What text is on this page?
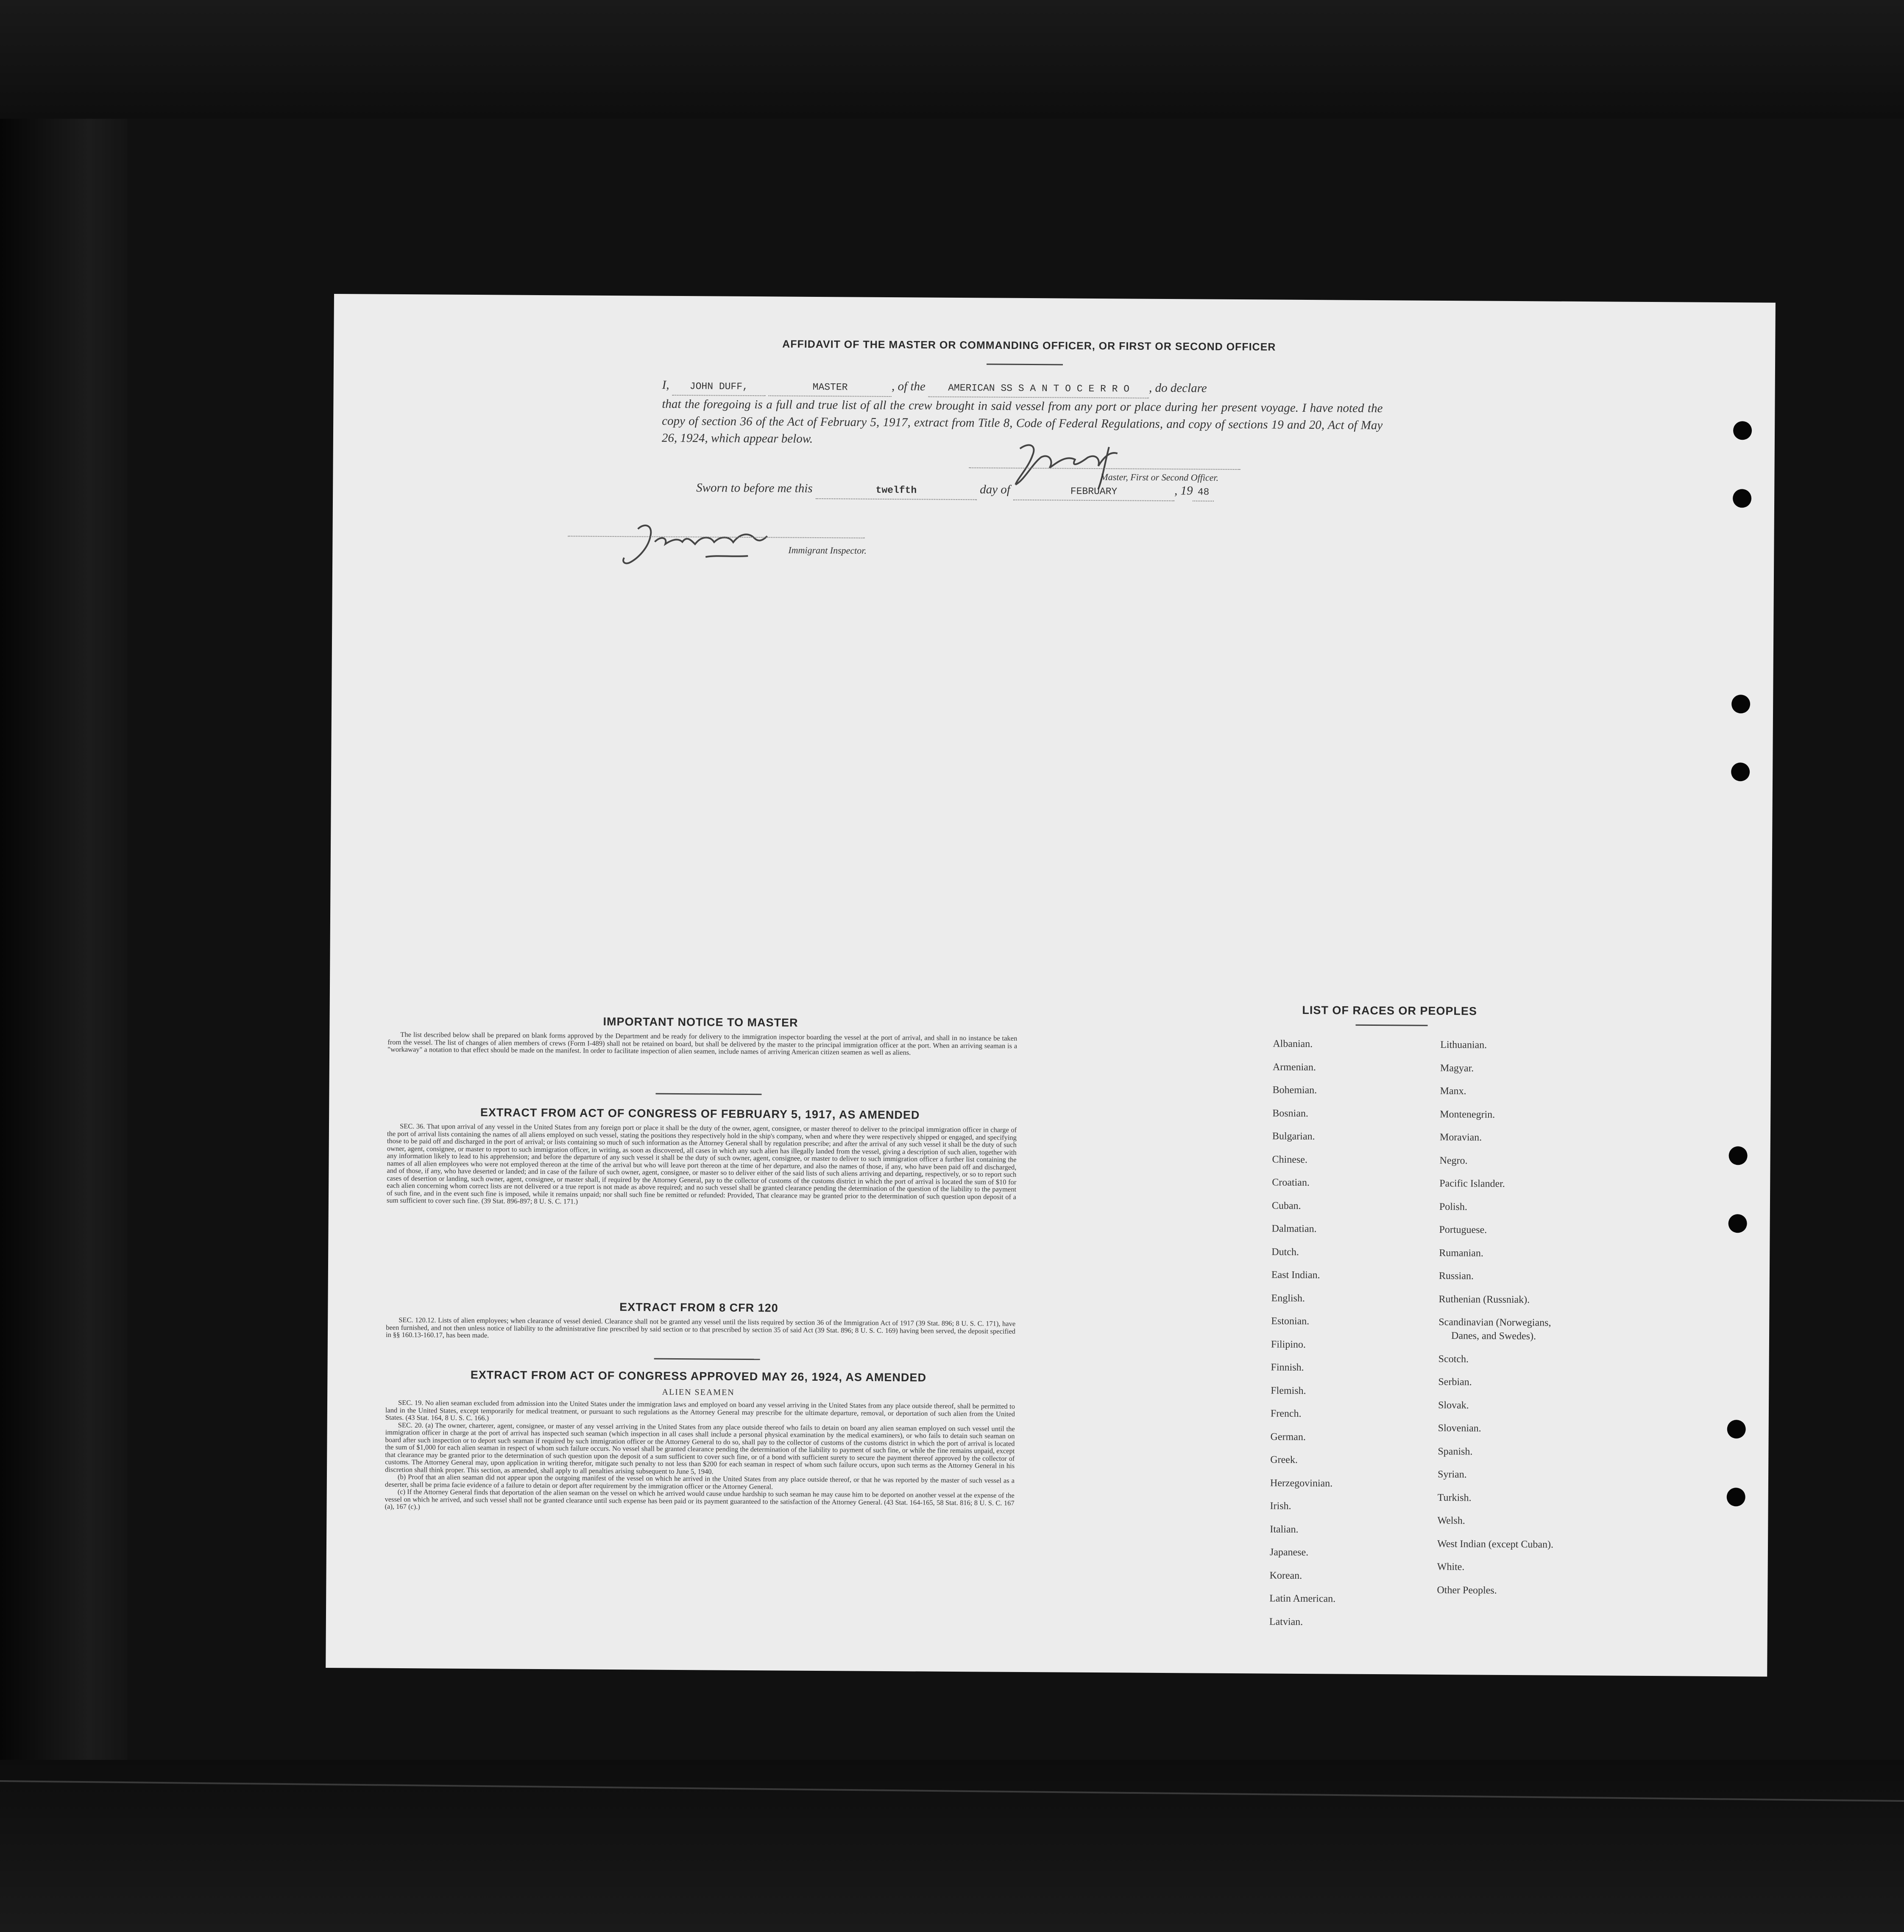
AFFIDAVIT OF THE MASTER OR COMMANDING OFFICER, OR FIRST OR SECOND OFFICER
I, JOHN DUFF,	MASTER	, of the AMERICAN SS S A N T O C E R R O , do declare
that the foregoing is a full and true list of all the crew brought in said vessel from any port or place during her present voyage. I have noted the copy of section 36 of the Act of February 5, 1917, extract from Title 8, Code of Federal Regulations, and copy of sections 19 and 20, Act of May 26, 1924, which appear below.
Master, First or Second Officer.
Sworn to before me this	twelfth	day of	FEBRUARY	, 19 48
Immigrant Inspector.
IMPORTANT NOTICE TO MASTER

The list described below shall be prepared on blank forms approved by the Department and be ready for delivery to the immigration inspector boarding the vessel at the port of arrival, and shall in no instance be taken from the vessel. The list of changes of alien members of crews (Form I-489) shall not be retained on board, but shall be delivered by the master to the principal immigration officer at the port. When an arriving seaman is a "workaway" a notation to that effect should be made on the manifest. In order to facilitate inspection of alien seamen, include names of arriving American citizen seamen as well as aliens.

EXTRACT FROM ACT OF CONGRESS OF FEBRUARY 5, 1917, AS AMENDED

SEC. 36. That upon arrival of any vessel in the United States from any foreign port or place it shall be the duty of the owner, agent, consignee, or master thereof to deliver to the principal immigration officer in charge of the port of arrival lists containing the names of all aliens employed on such vessel, stating the positions they respectively hold in the ship's company, when and where they were respectively shipped or engaged, and specifying those to be paid off and discharged in the port of arrival; or lists containing so much of such information as the Attorney General shall by regulation prescribe; and after the arrival of any such vessel it shall be the duty of such owner, agent, consignee, or master to report to such immigration officer, in writing, as soon as discovered, all cases in which any such alien has illegally landed from the vessel, giving a description of such alien, together with any information likely to lead to his apprehension; and before the departure of any such vessel it shall be the duty of such owner, agent, consignee, or master to deliver to such immigration officer a further list containing the names of all alien employees who were not employed thereon at the time of the arrival but who will leave port thereon at the time of her departure, and also the names of those, if any, who have been paid off and discharged, and of those, if any, who have deserted or landed; and in case of the failure of such owner, agent, consignee, or master so to deliver either of the said lists of such aliens arriving and departing, respectively, or so to report such cases of desertion or landing, such owner, agent, consignee, or master shall, if required by the Attorney General, pay to the collector of customs of the customs district in which the port of arrival is located the sum of $10 for each alien concerning whom correct lists are not delivered or a true report is not made as above required; and no such vessel shall be granted clearance pending the determination of the question of the liability to the payment of such fine, and in the event such fine is imposed, while it remains unpaid; nor shall such fine be remitted or refunded: Provided, That clearance may be granted prior to the determination of such question upon deposit of a sum sufficient to cover such fine. (39 Stat. 896-897; 8 U. S. C. 171.)

EXTRACT FROM 8 CFR 120

SEC. 120.12. Lists of alien employees; when clearance of vessel denied. Clearance shall not be granted any vessel until the lists required by section 36 of the Immigration Act of 1917 (39 Stat. 896; 8 U. S. C. 171), have been furnished, and not then unless notice of liability to the administrative fine prescribed by said section or to that prescribed by section 35 of said Act (39 Stat. 896; 8 U. S. C. 169) having been served, the deposit specified in §§ 160.13-160.17, has been made.

EXTRACT FROM ACT OF CONGRESS APPROVED MAY 26, 1924, AS AMENDED
ALIEN SEAMEN

SEC. 19. No alien seaman excluded from admission into the United States under the immigration laws and employed on board any vessel arriving in the United States from any place outside thereof, shall be permitted to land in the United States, except temporarily for medical treatment, or pursuant to such regulations as the Attorney General may prescribe for the ultimate departure, removal, or deportation of such alien from the United States. (43 Stat. 164, 8 U. S. C. 166.)

SEC. 20. (a) The owner, charterer, agent, consignee, or master of any vessel arriving in the United States from any place outside thereof who fails to detain on board any alien seaman employed on such vessel until the immigration officer in charge at the port of arrival has inspected such seaman (which inspection in all cases shall include a personal physical examination by the medical examiners), or who fails to detain such seaman on board after such inspection or to deport such seaman if required by such immigration officer or the Attorney General to do so, shall pay to the collector of customs of the customs district in which the port of arrival is located the sum of $1,000 for each alien seaman in respect of whom such failure occurs. No vessel shall be granted clearance pending the determination of the liability to payment of such fine, or while the fine remains unpaid, except that clearance may be granted prior to the determination of such question upon the deposit of a sum sufficient to cover such fine, or of a bond with sufficient surety to secure the payment thereof approved by the collector of customs. The Attorney General may, upon application in writing therefor, mitigate such penalty to not less than $200 for each seaman in respect of whom such failure occurs, upon such terms as the Attorney General in his discretion shall think proper. This section, as amended, shall apply to all penalties arising subsequent to June 5, 1940.

(b) Proof that an alien seaman did not appear upon the outgoing manifest of the vessel on which he arrived in the United States from any place outside thereof, or that he was reported by the master of such vessel as a deserter, shall be prima facie evidence of a failure to detain or deport after requirement by the immigration officer or the Attorney General.

(c) If the Attorney General finds that deportation of the alien seaman on the vessel on which he arrived would cause undue hardship to such seaman he may cause him to be deported on another vessel at the expense of the vessel on which he arrived, and such vessel shall not be granted clearance until such expense has been paid or its payment guaranteed to the satisfaction of the Attorney General. (43 Stat. 164-165, 58 Stat. 816; 8 U. S. C. 167 (a), 167 (c).)

LIST OF RACES OR PEOPLES
Albanian.
Armenian.
Bohemian.
Bosnian.
Bulgarian.
Chinese.
Croatian.
Cuban.
Dalmatian.
Dutch.
East Indian.
English.
Estonian.
Filipino.
Finnish.
Flemish.
French.
German.
Greek.
Herzegovinian.
Irish.
Italian.
Japanese.
Korean.
Latin American.
Latvian.
Lithuanian.
Magyar.
Manx.
Montenegrin.
Moravian.
Negro.
Pacific Islander.
Polish.
Portuguese.
Rumanian.
Russian.
Ruthenian (Russniak).
Scandinavian (Norwegians,
Danes, and Swedes).
Scotch.
Serbian.
Slovak.
Slovenian.
Spanish.
Syrian.
Turkish.
Welsh.
West Indian (except Cuban).
White.
Other Peoples.
